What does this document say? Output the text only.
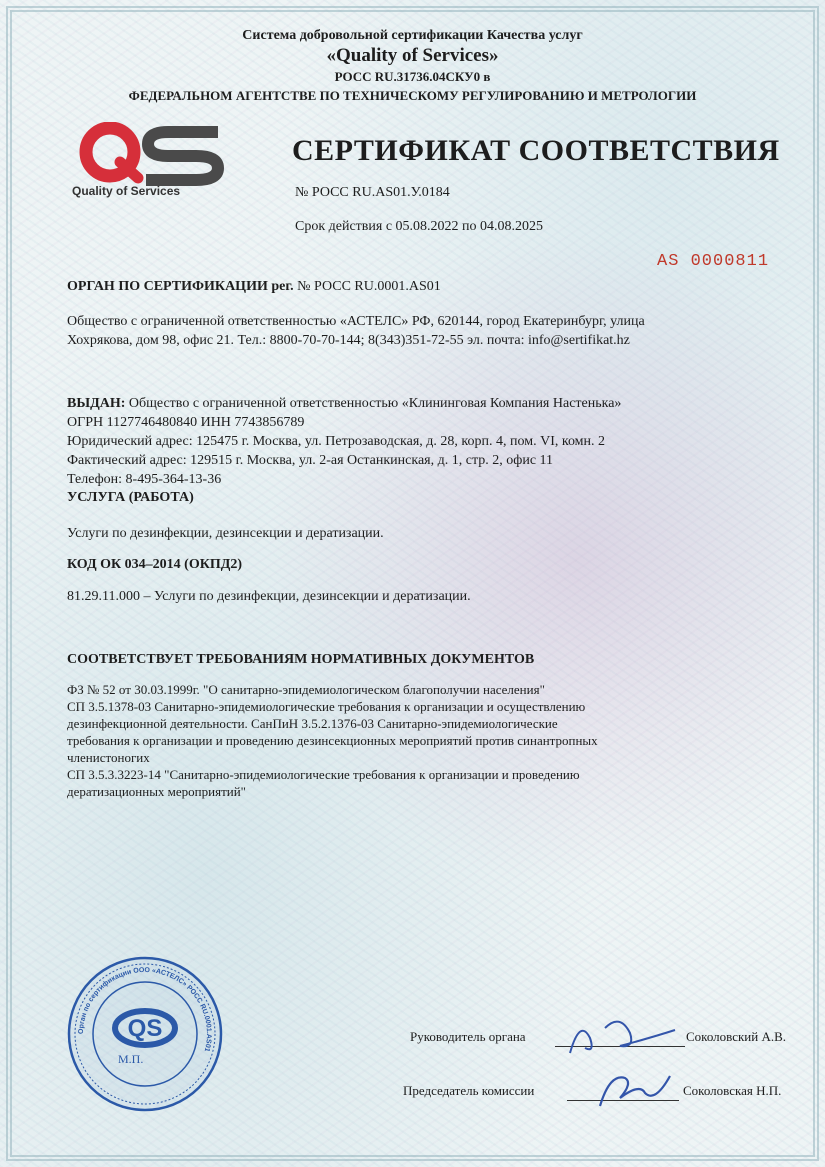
Система добровольной сертификации Качества услуг
«Quality of Services»
РОСС RU.31736.04СКУ0 в
ФЕДЕРАЛЬНОМ АГЕНТСТВЕ ПО ТЕХНИЧЕСКОМУ РЕГУЛИРОВАНИЮ И МЕТРОЛОГИИ
Quality of Services
СЕРТИФИКАТ СООТВЕТСТВИЯ
№ РОСС RU.AS01.У.0184
Срок действия с 05.08.2022 по 04.08.2025
AS 0000811
ОРГАН ПО СЕРТИФИКАЦИИ рег. № РОСС RU.0001.AS01
Общество с ограниченной ответственностью «АСТЕЛС» РФ, 620144, город Екатеринбург, улица
Хохрякова, дом 98, офис 21. Тел.: 8800-70-70-144; 8(343)351-72-55 эл. почта: info@sertifikat.hz
ВЫДАН: Общество с ограниченной ответственностью «Клининговая Компания Настенька»
ОГРН 1127746480840 ИНН 7743856789
Юридический адрес: 125475 г. Москва, ул. Петрозаводская, д. 28, корп. 4, пом. VI, комн. 2
Фактический адрес: 129515 г. Москва, ул. 2-ая Останкинская, д. 1, стр. 2, офис 11
Телефон: 8-495-364-13-36
УСЛУГА (РАБОТА)
Услуги по дезинфекции, дезинсекции и дератизации.
КОД ОК 034–2014 (ОКПД2)
81.29.11.000 – Услуги по дезинфекции, дезинсекции и дератизации.
СООТВЕТСТВУЕТ ТРЕБОВАНИЯМ НОРМАТИВНЫХ ДОКУМЕНТОВ
ФЗ № 52 от 30.03.1999г. "О санитарно-эпидемиологическом благополучии населения"
СП 3.5.1378-03 Санитарно-эпидемиологические требования к организации и осуществлению
дезинфекционной деятельности. СанПиН 3.5.2.1376-03 Санитарно-эпидемиологические
требования к организации и проведению дезинсекционных мероприятий против синантропных
членистоногих
СП 3.5.3.3223-14 "Санитарно-эпидемиологические требования к организации и проведению
дератизационных мероприятий"
Орган по сертификации ООО «АСТЕЛС» РОСС RU.0001.AS01
QS
М.П.
Руководитель органа	Соколовский А.В.
Председатель комиссии	Соколовская Н.П.
